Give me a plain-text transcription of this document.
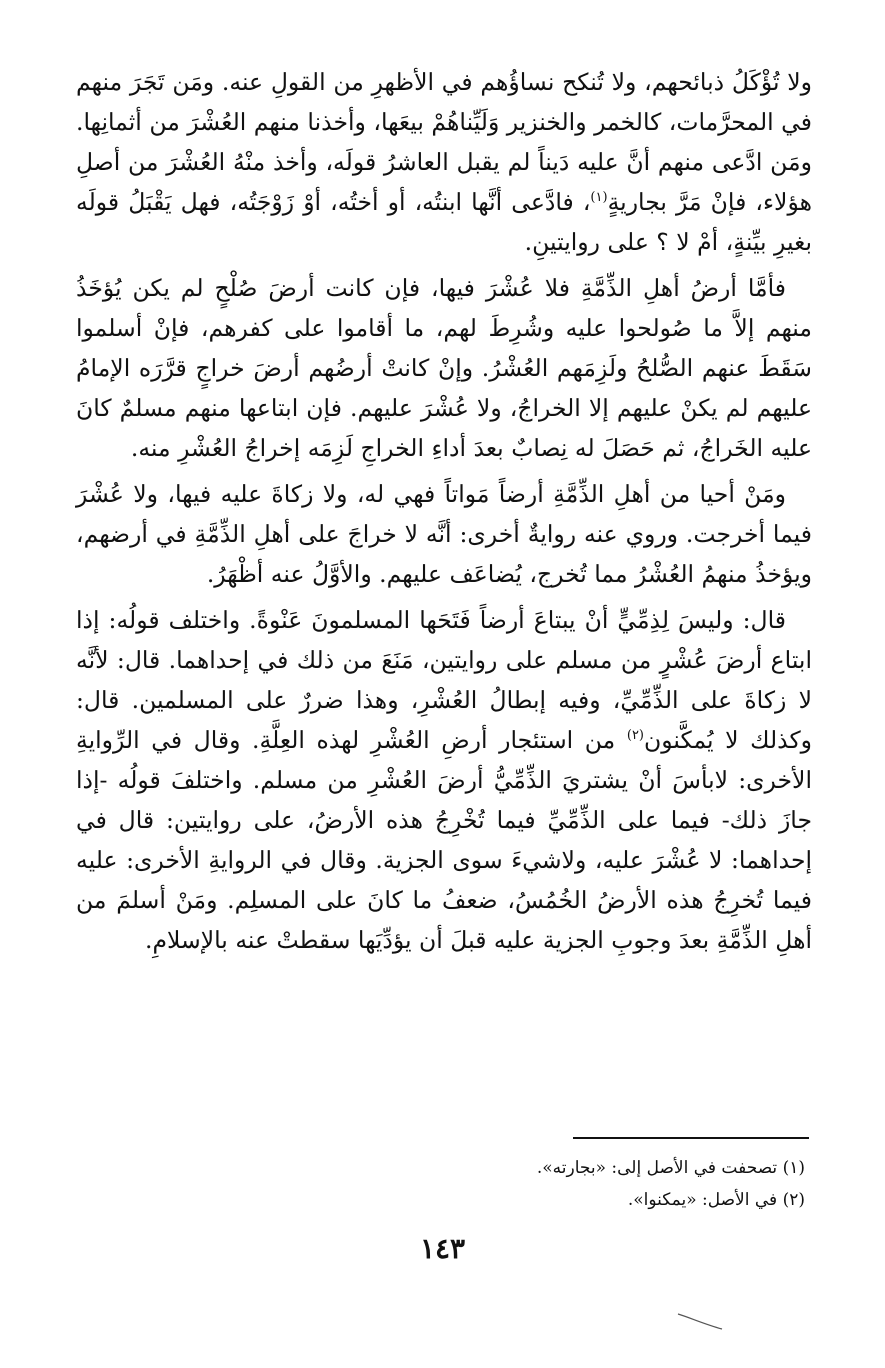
ولا تُؤْكَلُ ذبائحهم، ولا تُنكح نساؤُهم في الأظهرِ من القولِ عنه. ومَن تَجَرَ منهم في المحرَّمات، كالخمر والخنزير وَلَيِّناهُمْ بيعَها، وأخذنا منهم العُشْرَ من أثمانِها. ومَن ادَّعى منهم أنَّ عليه دَيناً لم يقبل العاشرُ قولَه، وأخذ منْهُ العُشْرَ من أصلِ هؤلاء، فإنْ مَرَّ بجاريةٍ$^{(١)}$، فادَّعى أنَّها ابنتُه، أو أختُه، أوْ زَوْجَتُه، فهل يَقْبَلُ قولَه بغيرِ بيِّنةٍ، أمْ لا ؟ على روايتينِ.

فأمَّا أرضُ أهلِ الذِّمَّةِ فلا عُشْرَ فيها، فإن كانت أرضَ صُلْحٍ لم يكن يُؤخَذُ منهم إلاَّ ما صُولحوا عليه وشُرِطَ لهم، ما أقاموا على كفرهم، فإنْ أسلموا سَقَطَ عنهم الصُّلحُ ولَزِمَهم العُشْرُ. وإنْ كانتْ أرضُهم أرضَ خراجٍ قرَّرَه الإمامُ عليهم لم يكنْ عليهم إلا الخراجُ، ولا عُشْرَ عليهم. فإن ابتاعها منهم مسلمٌ كانَ عليه الخَراجُ، ثم حَصَلَ له نِصابٌ بعدَ أداءِ الخراجِ لَزِمَه إخراجُ العُشْرِ منه.

ومَنْ أحيا من أهلِ الذِّمَّةِ أرضاً مَواتاً فهي له، ولا زكاةَ عليه فيها، ولا عُشْرَ فيما أخرجت. وروي عنه روايةٌ أخرى: أنَّه لا خراجَ على أهلِ الذِّمَّةِ في أرضهم، ويؤخذُ منهمُ العُشْرُ مما تُخرج، يُضاعَف عليهم. والأوَّلُ عنه أظْهَرُ.

قال: وليسَ لِذِمِّيٍّ أنْ يبتاعَ أرضاً فَتَحَها المسلمونَ عَنْوةً. واختلف قولُه: إذا ابتاع أرضَ عُشْرٍ من مسلم على روايتين، مَنَعَ من ذلك في إحداهما. قال: لأنَّه لا زكاةَ على الذِّمِّيِّ، وفيه إبطالُ العُشْرِ، وهذا ضررٌ على المسلمين. قال: وكذلك لا يُمكَّنون$^{(٢)}$ من استئجار أرضِ العُشْرِ لهذه العِلَّةِ. وقال في الرِّوايةِ الأخرى: لابأسَ أنْ يشتريَ الذِّمِّيُّ أرضَ العُشْرِ من مسلم. واختلفَ قولُه -إذا جازَ ذلك- فيما على الذِّمِّيِّ فيما تُخْرِجُ هذه الأرضُ، على روايتين: قال في إحداهما: لا عُشْرَ عليه، ولاشيءَ سوى الجزية. وقال في الروايةِ الأخرى: عليه فيما تُخرِجُ هذه الأرضُ الخُمُسُ، ضعفُ ما كانَ على المسلِم. ومَنْ أسلمَ من أهلِ الذِّمَّةِ بعدَ وجوبِ الجزية عليه قبلَ أن يؤدِّيَها سقطتْ عنه بالإسلامِ.

(١) تصحفت في الأصل إلى: «بجارته».
(٢) في الأصل: «يمكنوا».
١٤٣
